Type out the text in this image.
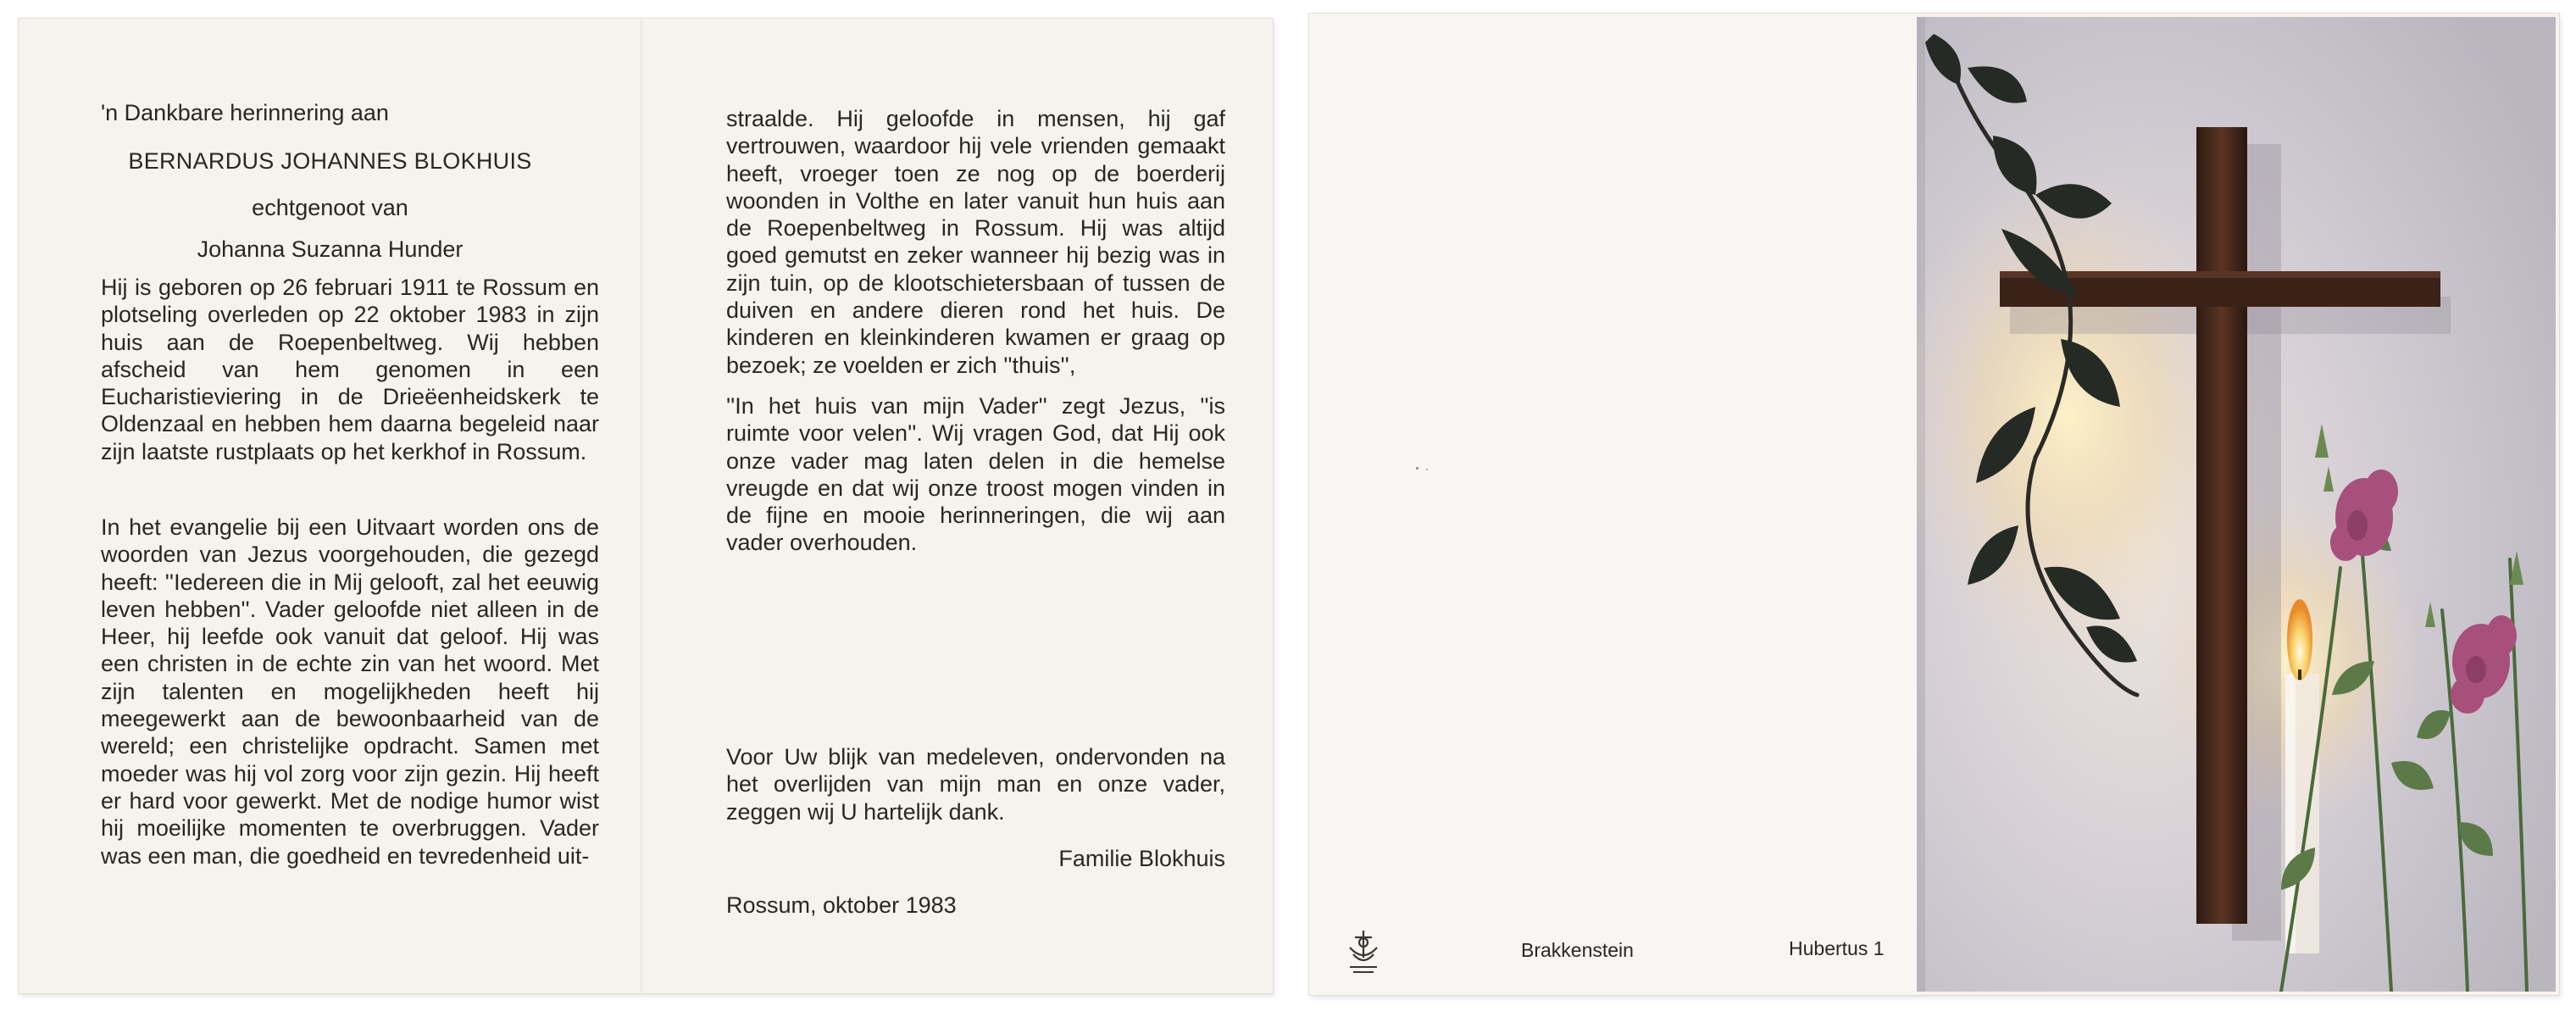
'n Dankbare herinnering aan
BERNARDUS JOHANNES BLOKHUIS
echtgenoot van
Johanna Suzanna Hunder
Hij is geboren op 26 februari 1911 te Rossum en plotseling overleden op 22 oktober 1983 in zijn huis aan de Roepenbeltweg. Wij hebben afscheid van hem genomen in een Eucharistieviering in de Drieëenheidskerk te Oldenzaal en hebben hem daarna begeleid naar zijn laatste rustplaats op het kerkhof in Rossum.
In het evangelie bij een Uitvaart worden ons de woorden van Jezus voorgehouden, die gezegd heeft: ''Iedereen die in Mij gelooft, zal het eeuwig leven hebben''. Vader geloofde niet alleen in de Heer, hij leefde ook vanuit dat geloof. Hij was een christen in de echte zin van het woord. Met zijn talenten en mogelijkheden heeft hij meegewerkt aan de bewoonbaarheid van de wereld; een christelijke opdracht. Samen met moeder was hij vol zorg voor zijn gezin. Hij heeft er hard voor gewerkt. Met de nodige humor wist hij moeilijke momenten te overbruggen. Vader was een man, die goedheid en tevredenheid uit-
straalde. Hij geloofde in mensen, hij gaf vertrouwen, waardoor hij vele vrienden gemaakt heeft, vroeger toen ze nog op de boerderij woonden in Volthe en later vanuit hun huis aan de Roepenbeltweg in Rossum. Hij was altijd goed gemutst en zeker wanneer hij bezig was in zijn tuin, op de klootschietersbaan of tussen de duiven en andere dieren rond het huis. De kinderen en kleinkinderen kwamen er graag op bezoek; ze voelden er zich ''thuis'',
''In het huis van mijn Vader'' zegt Jezus, ''is ruimte voor velen''. Wij vragen God, dat Hij ook onze vader mag laten delen in die hemelse vreugde en dat wij onze troost mogen vinden in de fijne en mooie herinneringen, die wij aan vader overhouden.
Voor Uw blijk van medeleven, ondervonden na het overlijden van mijn man en onze vader, zeggen wij U hartelijk dank.
Familie Blokhuis
Rossum, oktober 1983
Brakkenstein	Hubertus 1
